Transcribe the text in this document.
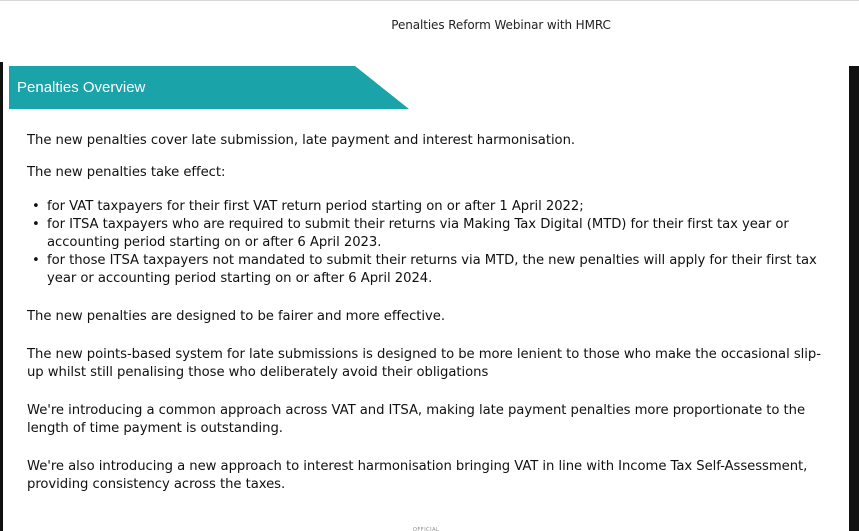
Penalties Reform Webinar with HMRC
Penalties Overview

The new penalties cover late submission, late payment and interest harmonisation.

The new penalties take effect:

• for VAT taxpayers for their first VAT return period starting on or after 1 April 2022;
• for ITSA taxpayers who are required to submit their returns via Making Tax Digital (MTD) for their first tax year or accounting period starting on or after 6 April 2023.
• for those ITSA taxpayers not mandated to submit their returns via MTD, the new penalties will apply for their first tax year or accounting period starting on or after 6 April 2024.

The new penalties are designed to be fairer and more effective.

The new points-based system for late submissions is designed to be more lenient to those who make the occasional slip-up whilst still penalising those who deliberately avoid their obligations

We're introducing a common approach across VAT and ITSA, making late payment penalties more proportionate to the length of time payment is outstanding.

We're also introducing a new approach to interest harmonisation bringing VAT in line with Income Tax Self-Assessment, providing consistency across the taxes.

OFFICIAL
